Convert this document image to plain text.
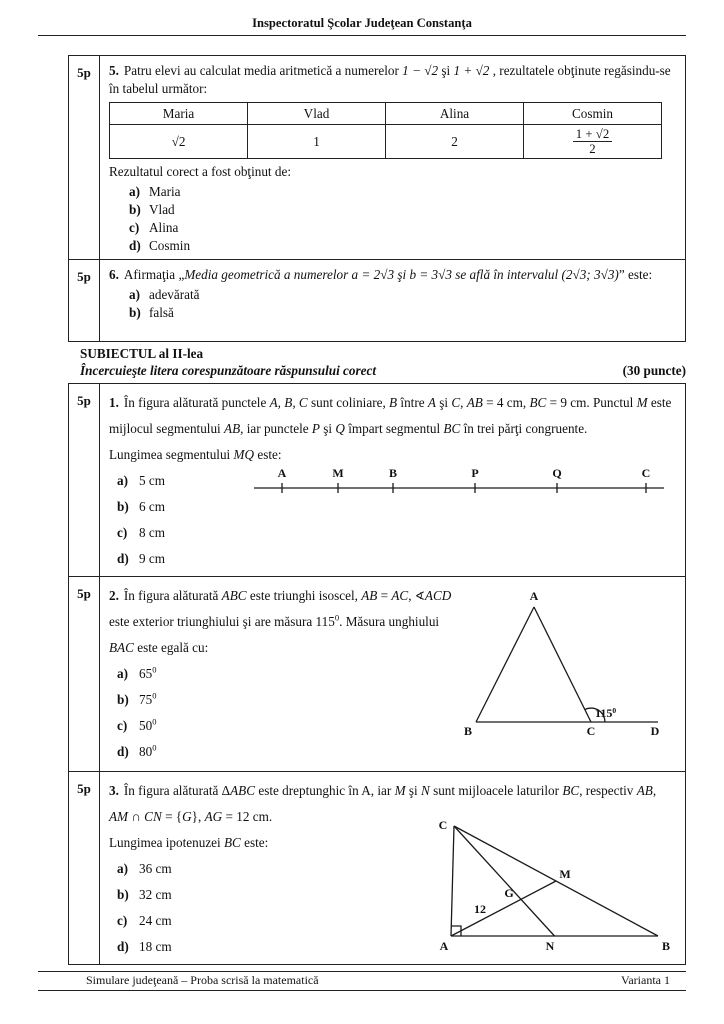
Inspectoratul Şcolar Judeţean Constanţa
5p	5. Patru elevi au calculat media aritmetică a numerelor 1 − √2 şi 1 + √2 , rezultatele obţinute regăsindu-se în tabelul următor:

Maria	Vlad	Alina	Cosmin
√2	1	2	$\frac{1 + √2}{2}$

Rezultatul corect a fost obţinut de:

a) Maria
b) Vlad
c) Alina
d) Cosmin
5p	6. Afirmaţia „Media geometrică a numerelor a = 2√3 şi b = 3√3 se află în intervalul (2√3; 3√3)” este:

a) adevărată
b) falsă
SUBIECTUL al II-lea
Încercuieşte litera corespunzătoare răspunsului corect	(30 puncte)
5p	1. În figura alăturată punctele A, B, C sunt coliniare, B între A şi C, AB = 4 cm, BC = 9 cm. Punctul M este mijlocul segmentului AB, iar punctele P şi Q împart segmentul BC în trei părţi congruente.

Lungimea segmentului MQ este:

a) 5 cm
b) 6 cm
c) 8 cm
d) 9 cm
A	M	B	P	Q	C
5p	2. În figura alăturată ABC este triunghi isoscel, AB = AC, ∢ACD este exterior triunghiului şi are măsura $115^0$. Măsura unghiului BAC este egală cu:

a) $65^0$
b) $75^0$
c) $50^0$
d) $80^0$
A
B	C	D
$115^0$
5p	3. În figura alăturată ΔABC este dreptunghic în A, iar M şi N sunt mijloacele laturilor BC, respectiv AB, AM ∩ CN = {G}, AG = 12 cm.

Lungimea ipotenuzei BC este:

a) 36 cm
b) 32 cm
c) 24 cm
d) 18 cm
C
A	B
M
N
G
12
Simulare judeţeană – Proba scrisă la matematică	Varianta 1
